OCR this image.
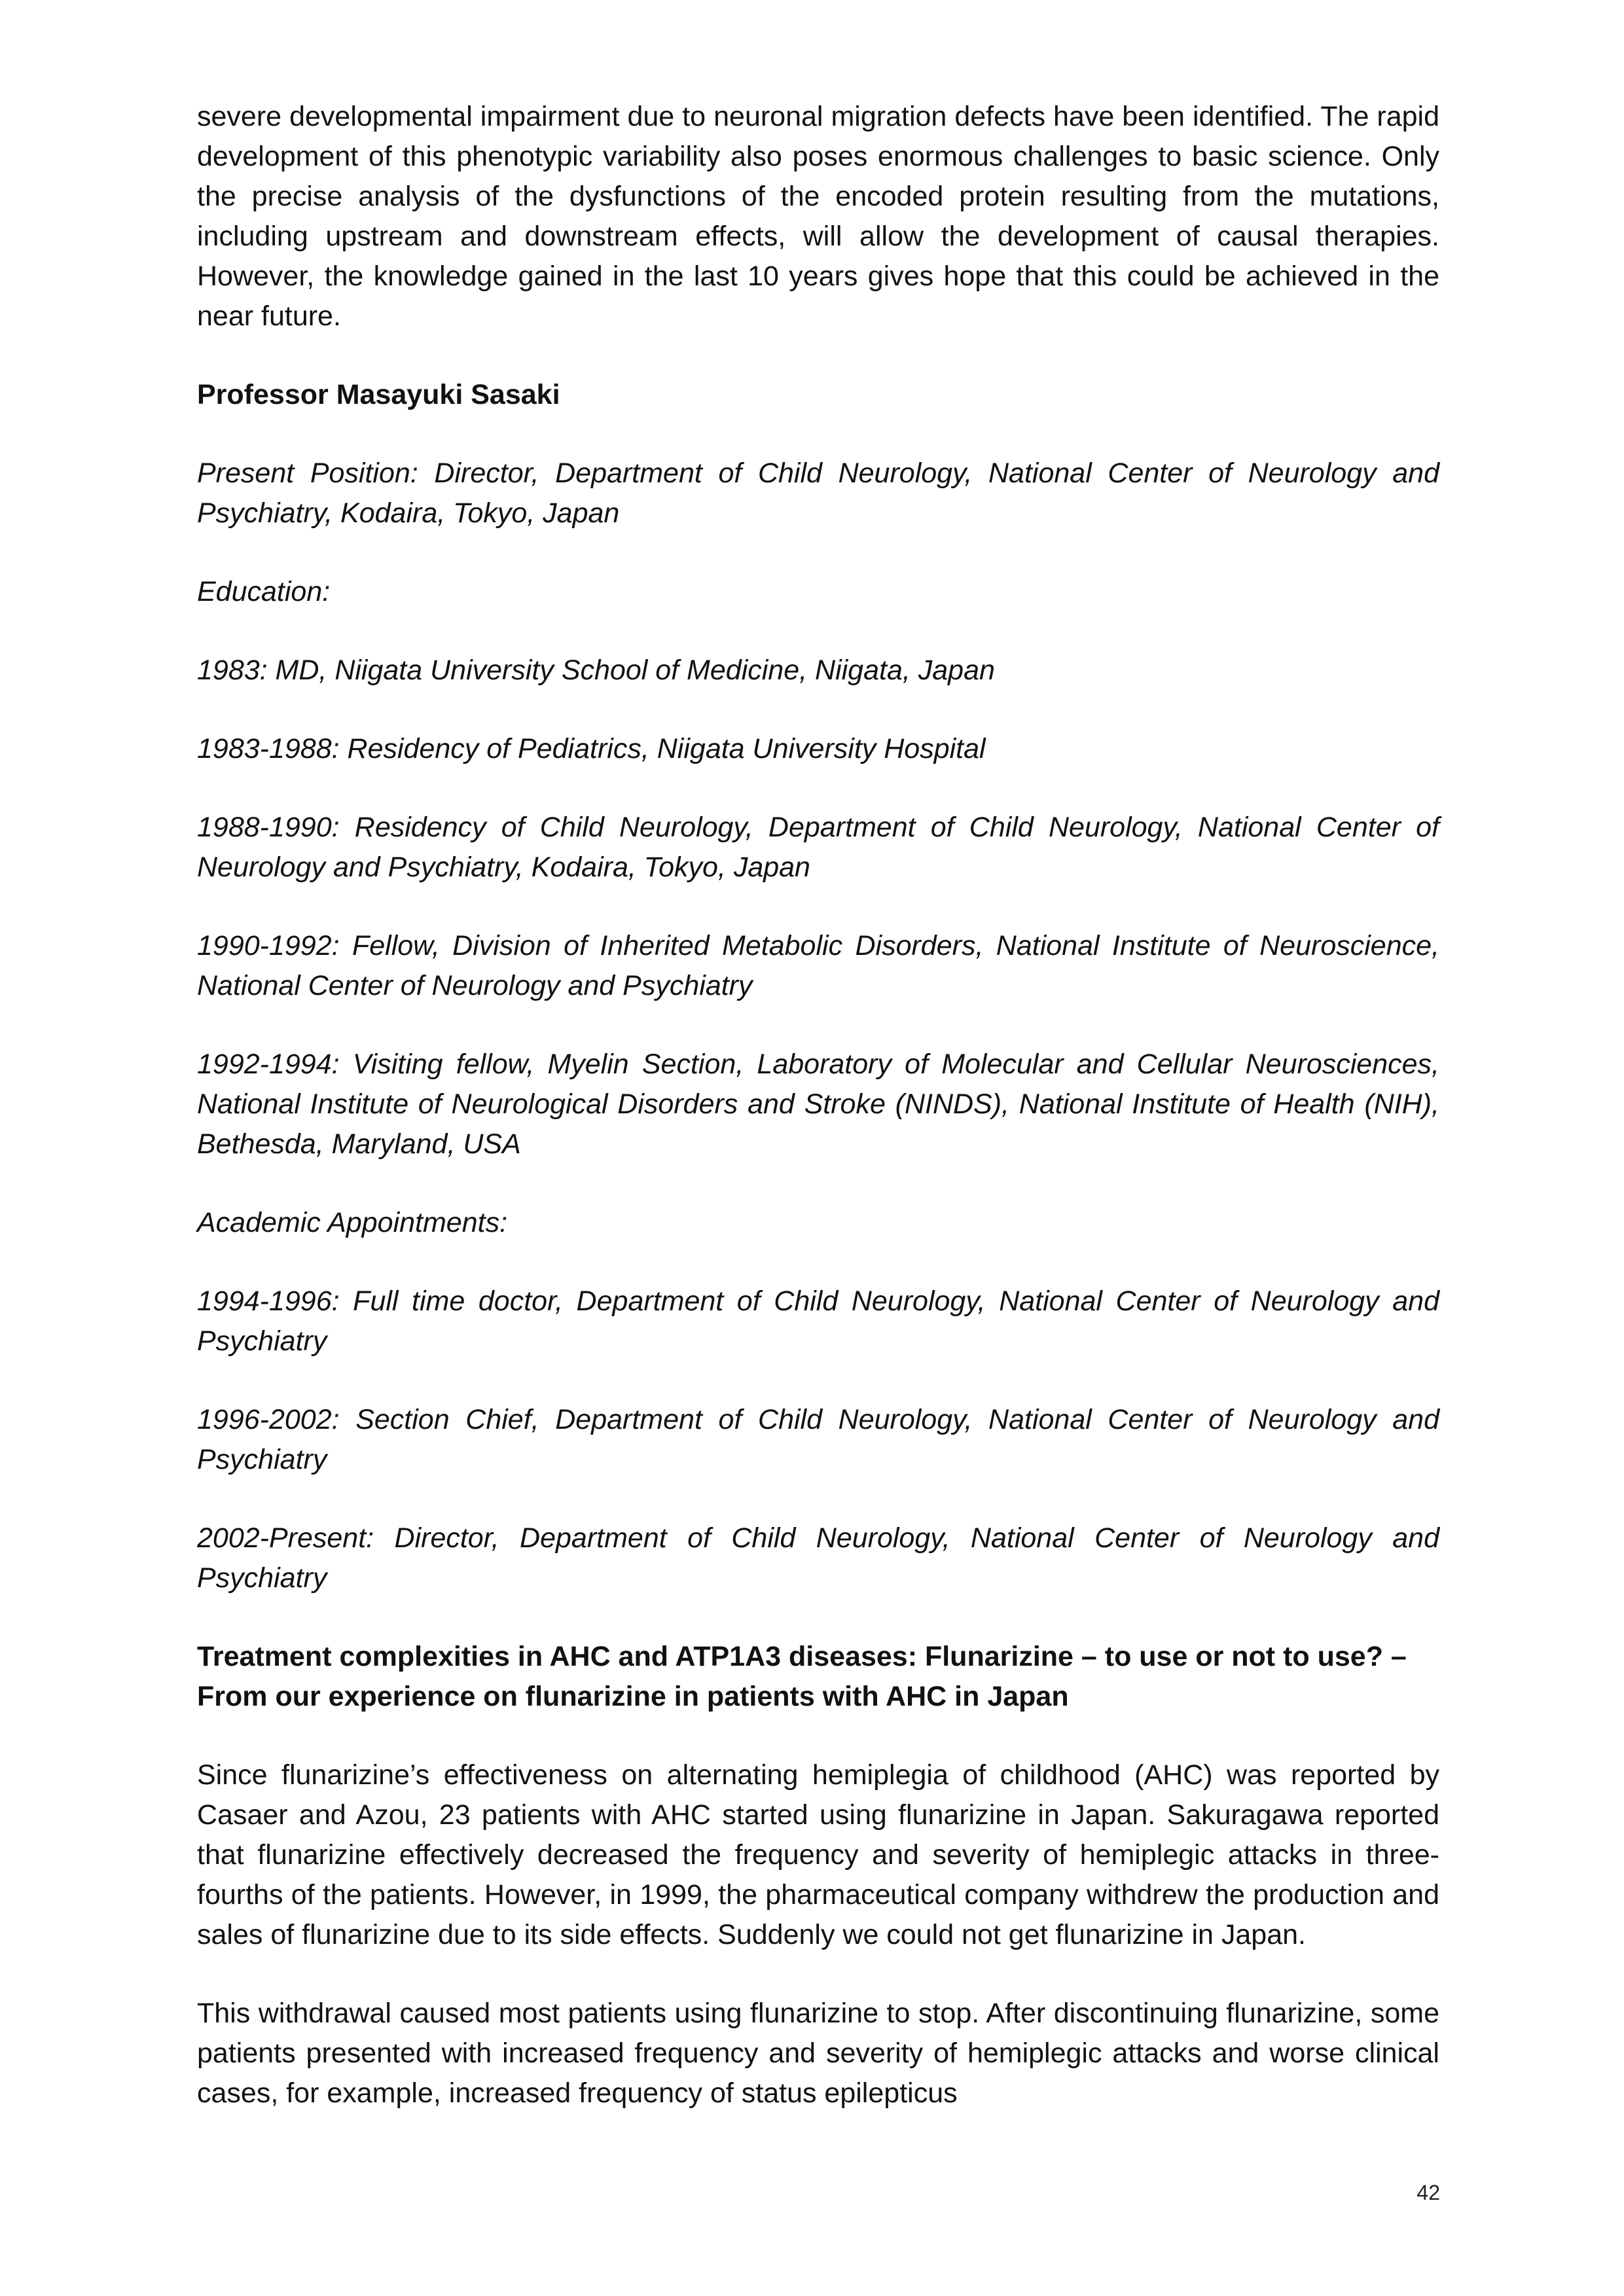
severe developmental impairment due to neuronal migration defects have been identified. The rapid development of this phenotypic variability also poses enormous challenges to basic science. Only the precise analysis of the dysfunctions of the encoded protein resulting from the mutations, including upstream and downstream effects, will allow the development of causal therapies. However, the knowledge gained in the last 10 years gives hope that this could be achieved in the near future.

Professor Masayuki Sasaki

Present Position: Director, Department of Child Neurology, National Center of Neurology and Psychiatry, Kodaira, Tokyo, Japan

Education:

1983: MD, Niigata University School of Medicine, Niigata, Japan

1983-1988: Residency of Pediatrics, Niigata University Hospital

1988-1990: Residency of Child Neurology, Department of Child Neurology, National Center of Neurology and Psychiatry, Kodaira, Tokyo, Japan

1990-1992: Fellow, Division of Inherited Metabolic Disorders, National Institute of Neuroscience, National Center of Neurology and Psychiatry

1992-1994: Visiting fellow, Myelin Section, Laboratory of Molecular and Cellular Neurosciences, National Institute of Neurological Disorders and Stroke (NINDS), National Institute of Health (NIH), Bethesda, Maryland, USA

Academic Appointments:

1994-1996: Full time doctor, Department of Child Neurology, National Center of Neurology and Psychiatry

1996-2002: Section Chief, Department of Child Neurology, National Center of Neurology and Psychiatry

2002-Present: Director, Department of Child Neurology, National Center of Neurology and Psychiatry

Treatment complexities in AHC and ATP1A3 diseases: Flunarizine – to use or not to use? – From our experience on flunarizine in patients with AHC in Japan

Since flunarizine’s effectiveness on alternating hemiplegia of childhood (AHC) was reported by Casaer and Azou, 23 patients with AHC started using flunarizine in Japan. Sakuragawa reported that flunarizine effectively decreased the frequency and severity of hemiplegic attacks in three-fourths of the patients. However, in 1999, the pharmaceutical company withdrew the production and sales of flunarizine due to its side effects. Suddenly we could not get flunarizine in Japan.

This withdrawal caused most patients using flunarizine to stop. After discontinuing flunarizine, some patients presented with increased frequency and severity of hemiplegic attacks and worse clinical cases, for example, increased frequency of status epilepticus

42
